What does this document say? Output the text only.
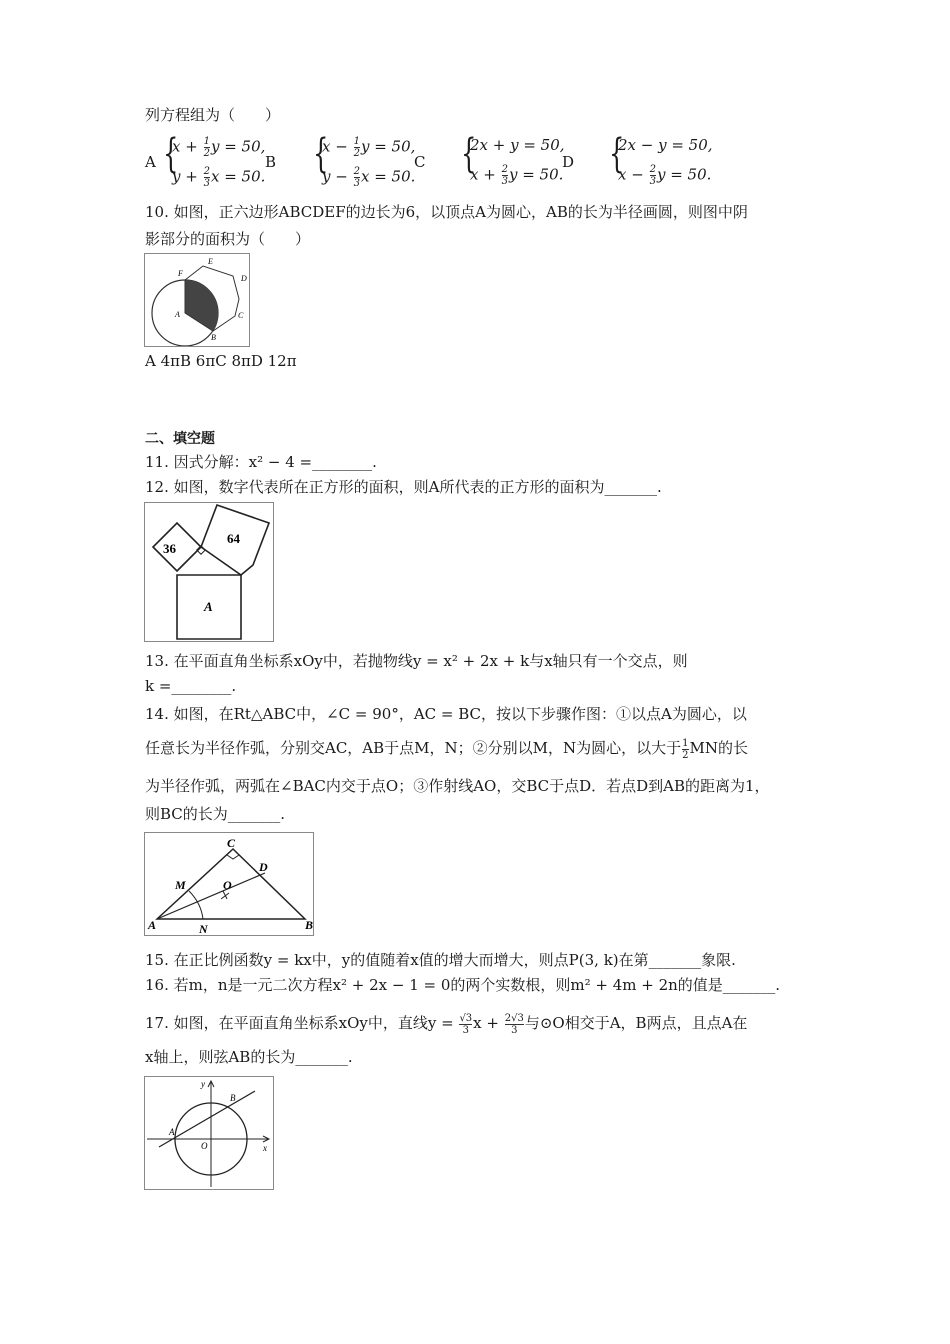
列方程组为（　　）
A {
$x + \frac{1}{2}$ y = 50,
$y + \frac{2}{3}$ x = 50.
B {
$x - \frac{1}{2}$ y = 50,
$y - \frac{2}{3}$ x = 50.
C {
2x + y = 50,
$x + \frac{2}{3}$ y = 50.
D {
2x − y = 50,
$x - \frac{2}{3}$ y = 50.
10. 如图，正六边形ABCDEF的边长为6，以顶点A为圆心，AB的长为半径画圆，则图中阴
影部分的面积为（　　）
F
E
D
C
B
A
A 4πB 6πC 8πD 12π
二、填空题
11. 因式分解：x² − 4 =________.
12. 如图，数字代表所在正方形的面积，则A所代表的正方形的面积为_______.
36
64
A
13. 在平面直角坐标系xOy中，若抛物线y = x² + 2x + k与x轴只有一个交点，则
k =________.
14. 如图，在Rt△ABC中，∠C = 90°，AC = BC，按以下步骤作图：①以点A为圆心，以
任意长为半径作弧，分别交AC，AB于点M，N；②分别以M，N为圆心，以大于 $\frac{1}{2}$ MN的长
为半径作弧，两弧在∠BAC内交于点O；③作射线AO，交BC于点D．若点D到AB的距离为1，
则BC的长为_______.
M
C
D
O
A	N	B
15. 在正比例函数y = kx中，y的值随着x值的增大而增大，则点P(3, k)在第_______象限.
16. 若m，n是一元二次方程x² + 2x − 1 = 0的两个实数根，则m² + 4m + 2n的值是_______.
17. 如图，在平面直角坐标系xOy中，直线$y = \frac{√3}{3}$ $x + \frac{2√3}{3}$ 与⊙O相交于A，B两点，且点A在
x轴上，则弦AB的长为_______.
A
B
O	x
y
